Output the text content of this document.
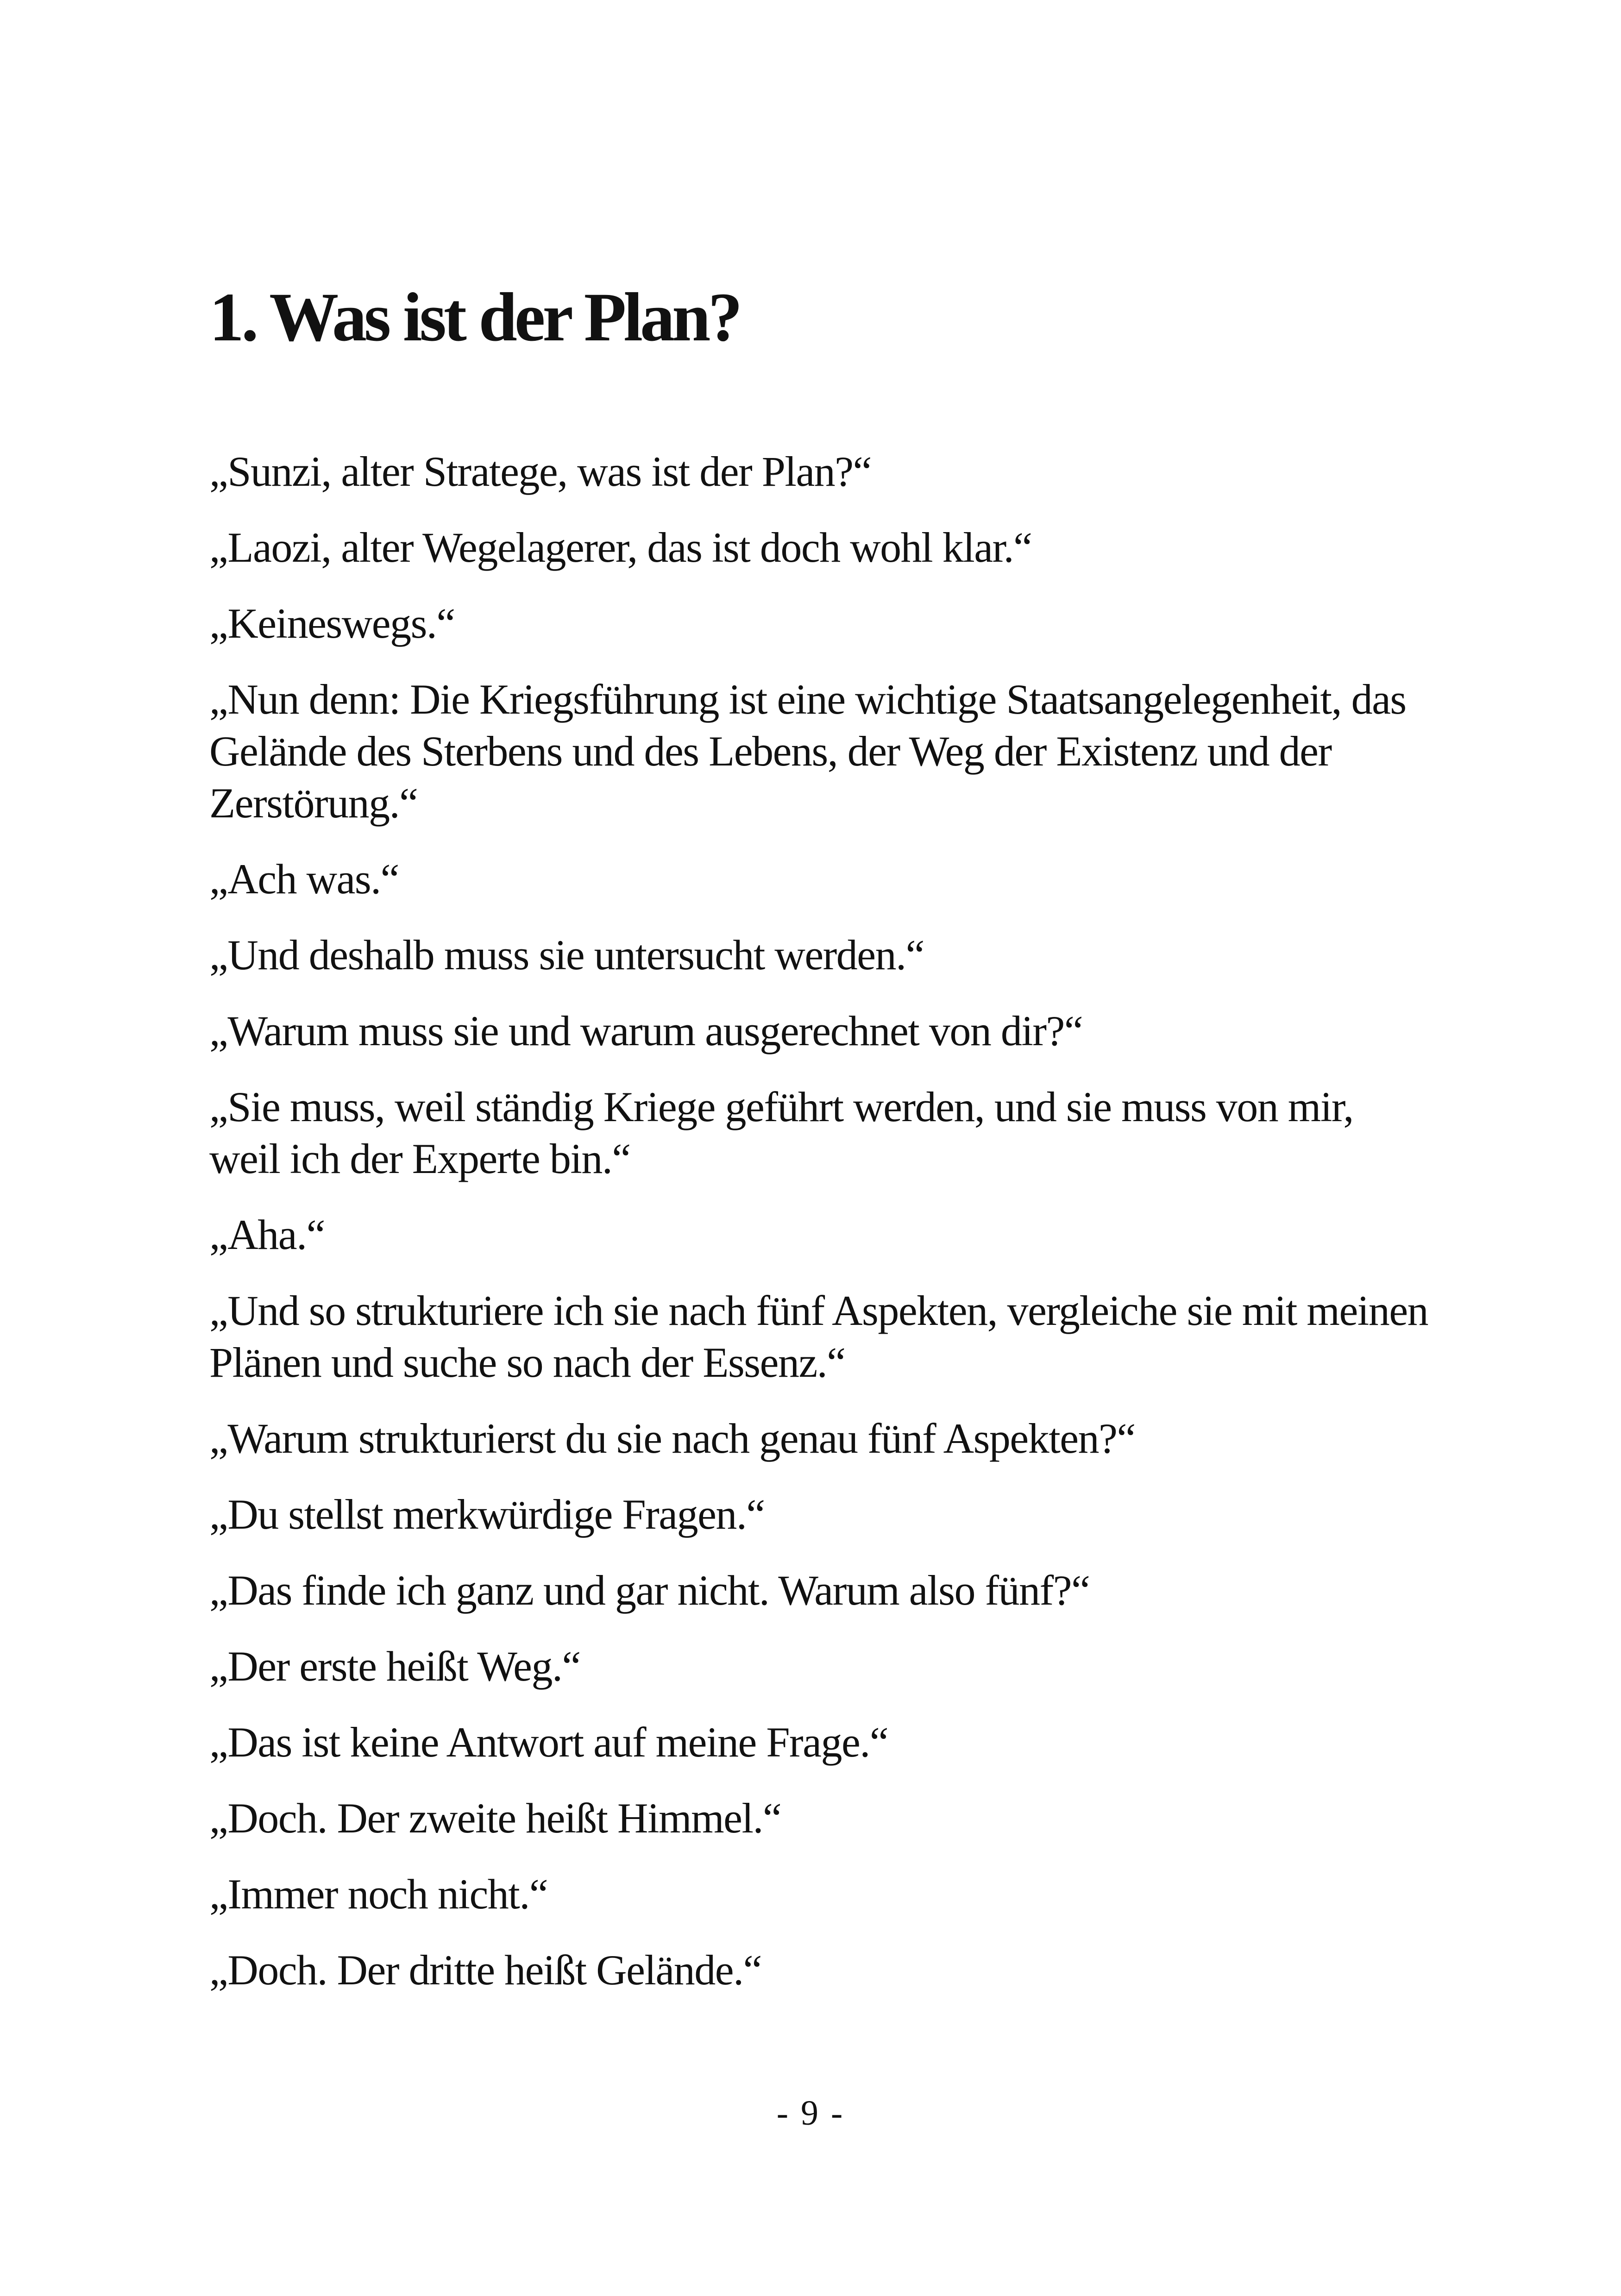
1. Was ist der Plan?
„Sunzi, alter Stratege, was ist der Plan?“
„Laozi, alter Wegelagerer, das ist doch wohl klar.“
„Keineswegs.“
„Nun denn: Die Kriegsführung ist eine wichtige Staatsangelegenheit, das Gelände des Sterbens und des Lebens, der Weg der Existenz und der Zerstörung.“
„Ach was.“
„Und deshalb muss sie untersucht werden.“
„Warum muss sie und warum ausgerechnet von dir?“
„Sie muss, weil ständig Kriege geführt werden, und sie muss von mir, weil ich der Experte bin.“
„Aha.“
„Und so strukturiere ich sie nach fünf Aspekten, vergleiche sie mit meinen Plänen und suche so nach der Essenz.“
„Warum strukturierst du sie nach genau fünf Aspekten?“
„Du stellst merkwürdige Fragen.“
„Das finde ich ganz und gar nicht. Warum also fünf?“
„Der erste heißt Weg.“
„Das ist keine Antwort auf meine Frage.“
„Doch. Der zweite heißt Himmel.“
„Immer noch nicht.“
„Doch. Der dritte heißt Gelände.“
- 9 -
